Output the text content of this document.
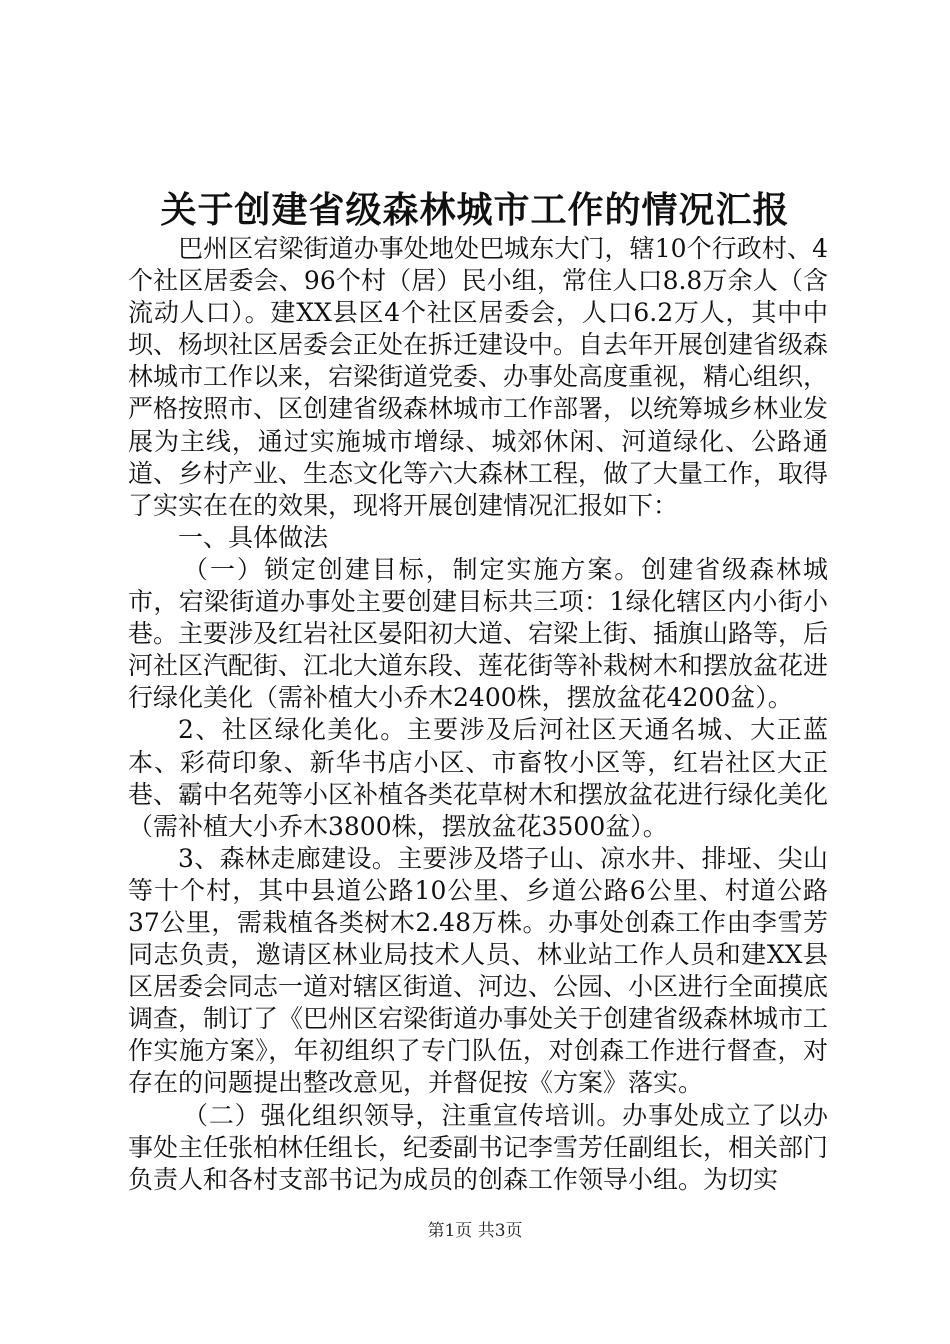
关于创建省级森林城市工作的情况汇报

巴州区宕梁街道办事处地处巴城东大门，辖10个行政村、4个社区居委会、96个村（居）民小组，常住人口8.8万余人（含流动人口）。建XX县区4个社区居委会，人口6.2万人，其中中坝、杨坝社区居委会正处在拆迁建设中。自去年开展创建省级森林城市工作以来，宕梁街道党委、办事处高度重视，精心组织，严格按照市、区创建省级森林城市工作部署，以统筹城乡林业发展为主线，通过实施城市增绿、城郊休闲、河道绿化、公路通道、乡村产业、生态文化等六大森林工程，做了大量工作，取得了实实在在的效果，现将开展创建情况汇报如下：

一、具体做法

（一）锁定创建目标，制定实施方案。创建省级森林城市，宕梁街道办事处主要创建目标共三项：1绿化辖区内小街小巷。主要涉及红岩社区晏阳初大道、宕梁上街、插旗山路等，后河社区汽配街、江北大道东段、莲花街等补栽树木和摆放盆花进行绿化美化（需补植大小乔木2400株，摆放盆花4200盆）。

2、社区绿化美化。主要涉及后河社区天通名城、大正蓝本、彩荷印象、新华书店小区、市畜牧小区等，红岩社区大正巷、霸中名苑等小区补植各类花草树木和摆放盆花进行绿化美化（需补植大小乔木3800株，摆放盆花3500盆）。

3、森林走廊建设。主要涉及塔子山、凉水井、排垭、尖山等十个村，其中县道公路10公里、乡道公路6公里、村道公路37公里，需栽植各类树木2.48万株。办事处创森工作由李雪芳同志负责，邀请区林业局技术人员、林业站工作人员和建XX县区居委会同志一道对辖区街道、河边、公园、小区进行全面摸底调查，制订了《巴州区宕梁街道办事处关于创建省级森林城市工作实施方案》，年初组织了专门队伍，对创森工作进行督查，对存在的问题提出整改意见，并督促按《方案》落实。

（二）强化组织领导，注重宣传培训。办事处成立了以办事处主任张柏林任组长，纪委副书记李雪芳任副组长，相关部门负责人和各村支部书记为成员的创森工作领导小组。为切实

第1页 共3页
